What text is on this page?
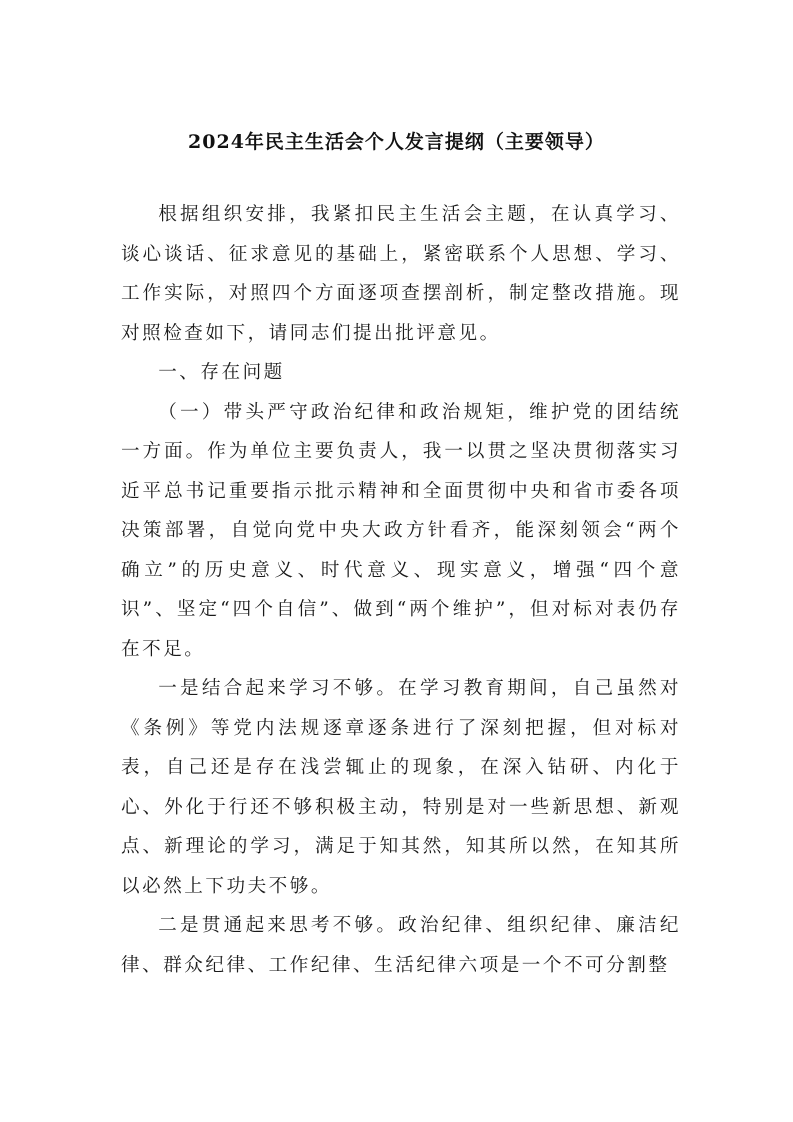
2024年民主生活会个人发言提纲（主要领导）

根据组织安排，我紧扣民主生活会主题，在认真学习、谈心谈话、征求意见的基础上，紧密联系个人思想、学习、工作实际，对照四个方面逐项查摆剖析，制定整改措施。现对照检查如下，请同志们提出批评意见。

一、存在问题

（一）带头严守政治纪律和政治规矩，维护党的团结统一方面。作为单位主要负责人，我一以贯之坚决贯彻落实习近平总书记重要指示批示精神和全面贯彻中央和省市委各项决策部署，自觉向党中央大政方针看齐，能深刻领会“两个确立”的历史意义、时代意义、现实意义，增强“四个意识”、坚定“四个自信”、做到“两个维护”，但对标对表仍存在不足。

一是结合起来学习不够。在学习教育期间，自己虽然对《条例》等党内法规逐章逐条进行了深刻把握，但对标对表，自己还是存在浅尝辄止的现象，在深入钻研、内化于心、外化于行还不够积极主动，特别是对一些新思想、新观点、新理论的学习，满足于知其然，知其所以然，在知其所以必然上下功夫不够。

二是贯通起来思考不够。政治纪律、组织纪律、廉洁纪律、群众纪律、工作纪律、生活纪律六项是一个不可分割整
